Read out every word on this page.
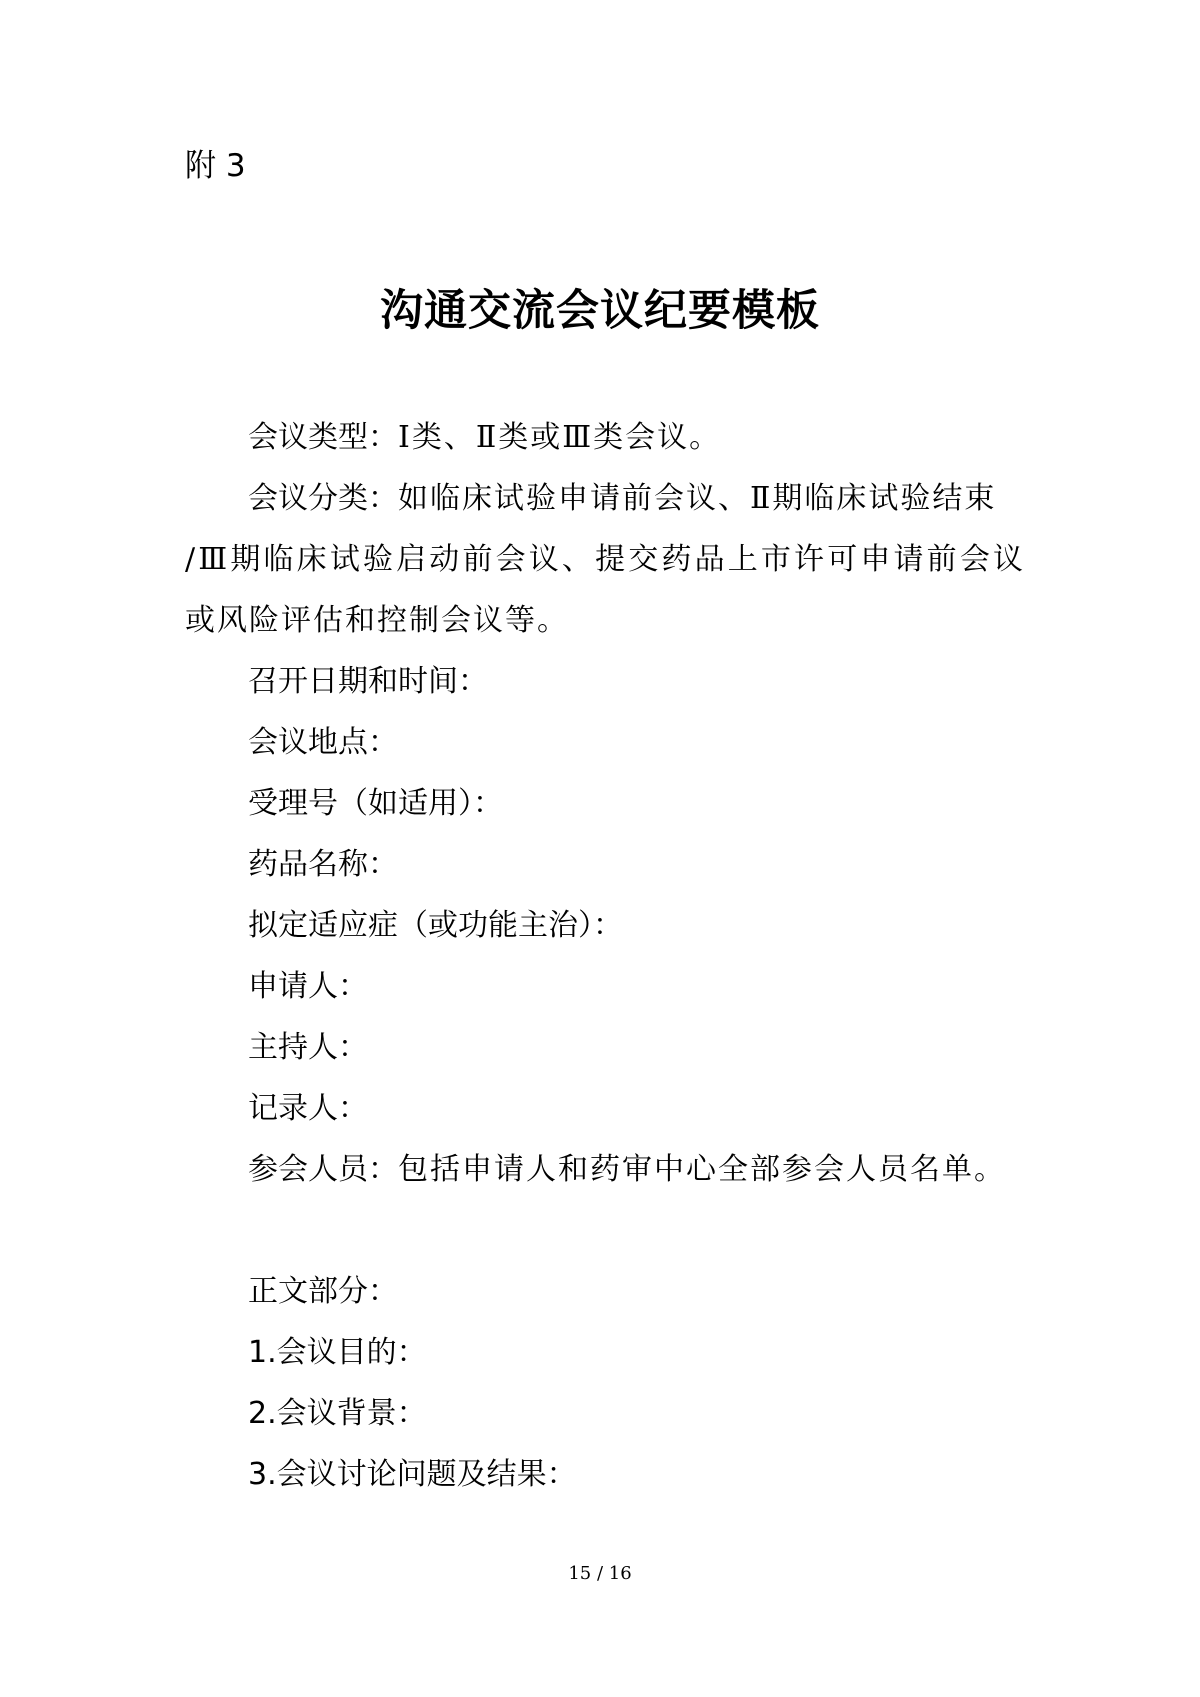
附 3
沟通交流会议纪要模板
会议类型：Ⅰ类、Ⅱ类或Ⅲ类会议。
会议分类：如临床试验申请前会议、Ⅱ期临床试验结束
/Ⅲ期临床试验启动前会议、提交药品上市许可申请前会议
或风险评估和控制会议等。
召开日期和时间：
会议地点：
受理号（如适用）：
药品名称：
拟定适应症（或功能主治）：
申请人：
主持人：
记录人：
参会人员：包括申请人和药审中心全部参会人员名单。
正文部分：
1.会议目的：
2.会议背景：
3.会议讨论问题及结果：
15 / 16
